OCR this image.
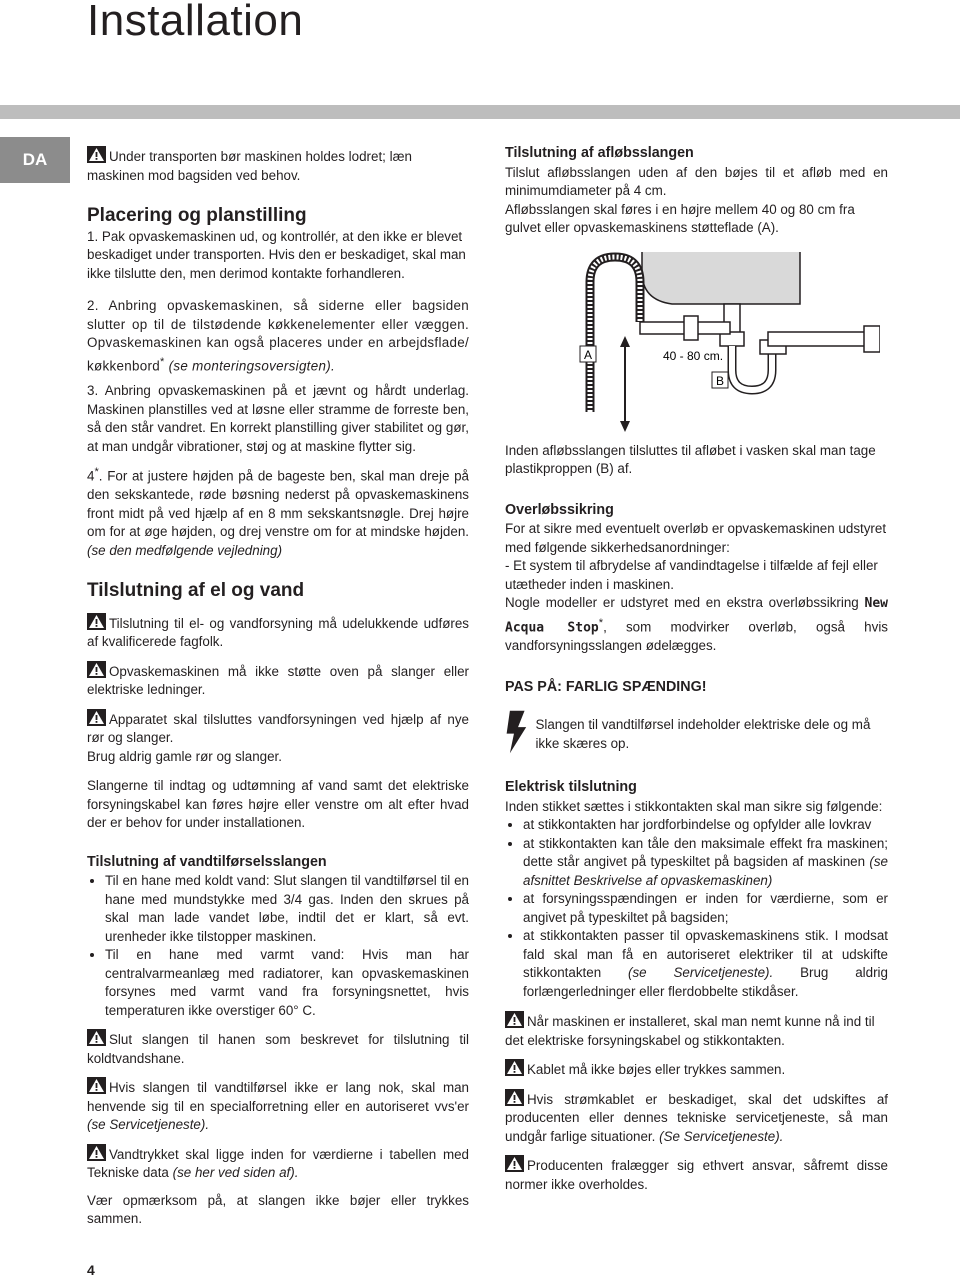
Installation
DA	Under transporten bør maskinen holdes lodret; læn maskinen mod bagsiden ved behov.

Placering og planstilling

1. Pak opvaskemaskinen ud, og kontrollér, at den ikke er blevet beskadiget under transporten. Hvis den er beskadiget, skal man ikke tilslutte den, men derimod kontakte forhandleren.

2. Anbring opvaskemaskinen, så siderne eller bagsiden slutter op til de tilstødende køkkenelementer eller væggen. Opvaskemaskinen kan også placeres under en arbejdsflade/ køkkenbord* (se monteringsoversigten).

3. Anbring opvaskemaskinen på et jævnt og hårdt underlag. Maskinen planstilles ved at løsne eller stramme de forreste ben, så den står vandret. En korrekt planstilling giver stabilitet og gør, at man undgår vibrationer, støj og at maskine flytter sig.

4*. For at justere højden på de bageste ben, skal man dreje på den sekskantede, røde bøsning nederst på opvaskemaskinens front midt på ved hjælp af en 8 mm sekskantsnøgle. Drej højre om for at øge højden, og drej venstre om for at mindske højden. (se den medfølgende vejledning)

Tilslutning af el og vand

Tilslutning til el- og vandforsyning må udelukkende udføres af kvalificerede fagfolk.

Opvaskemaskinen må ikke støtte oven på slanger eller elektriske ledninger.

Apparatet skal tilsluttes vandforsyningen ved hjælp af nye rør og slanger.

Brug aldrig gamle rør og slanger.

Slangerne til indtag og udtømning af vand samt det elektriske forsyningskabel kan føres højre eller venstre om alt efter hvad der er behov for under installationen.

Tilslutning af vandtilførselsslangen
• Til en hane med koldt vand: Slut slangen til vandtilførsel til en hane med mundstykke med 3/4 gas. Inden den skrues på skal man lade vandet løbe, indtil det er klart, så evt. urenheder ikke tilstopper maskinen.
• Til en hane med varmt vand: Hvis man har centralvarmeanlæg med radiatorer, kan opvaskemaskinen forsynes med varmt vand fra forsyningsnettet, hvis temperaturen ikke overstiger 60° C.

Slut slangen til hanen som beskrevet for tilslutning til koldtvandshane.

Hvis slangen til vandtilførsel ikke er lang nok, skal man henvende sig til en specialforretning eller en autoriseret vvs'er (se Servicetjeneste).

Vandtrykket skal ligge inden for værdierne i tabellen med Tekniske data (se her ved siden af).

Vær opmærksom på, at slangen ikke bøjer eller trykkes sammen.

Tilslutning af afløbsslangen

Tilslut afløbsslangen uden af den bøjes til et afløb med en minimumdiameter på 4 cm.

Afløbsslangen skal føres i en højre mellem 40 og 80 cm fra gulvet eller opvaskemaskinens støtteflade (A).

A	40 - 80 cm.
B

Inden afløbsslangen tilsluttes til afløbet i vasken skal man tage plastikproppen (B) af.

Overløbssikring

For at sikre med eventuelt overløb er opvaskemaskinen udstyret med følgende sikkerhedsanordninger:

- Et system til afbrydelse af vandindtagelse i tilfælde af fejl eller utætheder inden i maskinen.

Nogle modeller er udstyret med en ekstra overløbssikring New Acqua Stop*, som modvirker overløb, også hvis vandforsyningsslangen ødelægges.

PAS PÅ: FARLIG SPÆNDING!
Slangen til vandtilførsel indeholder elektriske dele og må ikke skæres op.
Elektrisk tilslutning

Inden stikket sættes i stikkontakten skal man sikre sig følgende:

• at stikkontakten har jordforbindelse og opfylder alle lovkrav
• at stikkontakten kan tåle den maksimale effekt fra maskinen; dette står angivet på typeskiltet på bagsiden af maskinen (se afsnittet Beskrivelse af opvaskemaskinen)
• at forsyningsspændingen er inden for værdierne, som er angivet på typeskiltet på bagsiden;
• at stikkontakten passer til opvaskemaskinens stik. I modsat fald skal man få en autoriseret elektriker til at udskifte stikkontakten (se Servicetjeneste). Brug aldrig forlængerledninger eller flerdobbelte stikdåser.

Når maskinen er installeret, skal man nemt kunne nå ind til det elektriske forsyningskabel og stikkontakten.

Kablet må ikke bøjes eller trykkes sammen.

Hvis strømkablet er beskadiget, skal det udskiftes af producenten eller dennes tekniske servicetjeneste, så man undgår farlige situationer. (Se Servicetjeneste).

Producenten fralægger sig ethvert ansvar, såfremt disse normer ikke overholdes.

4
